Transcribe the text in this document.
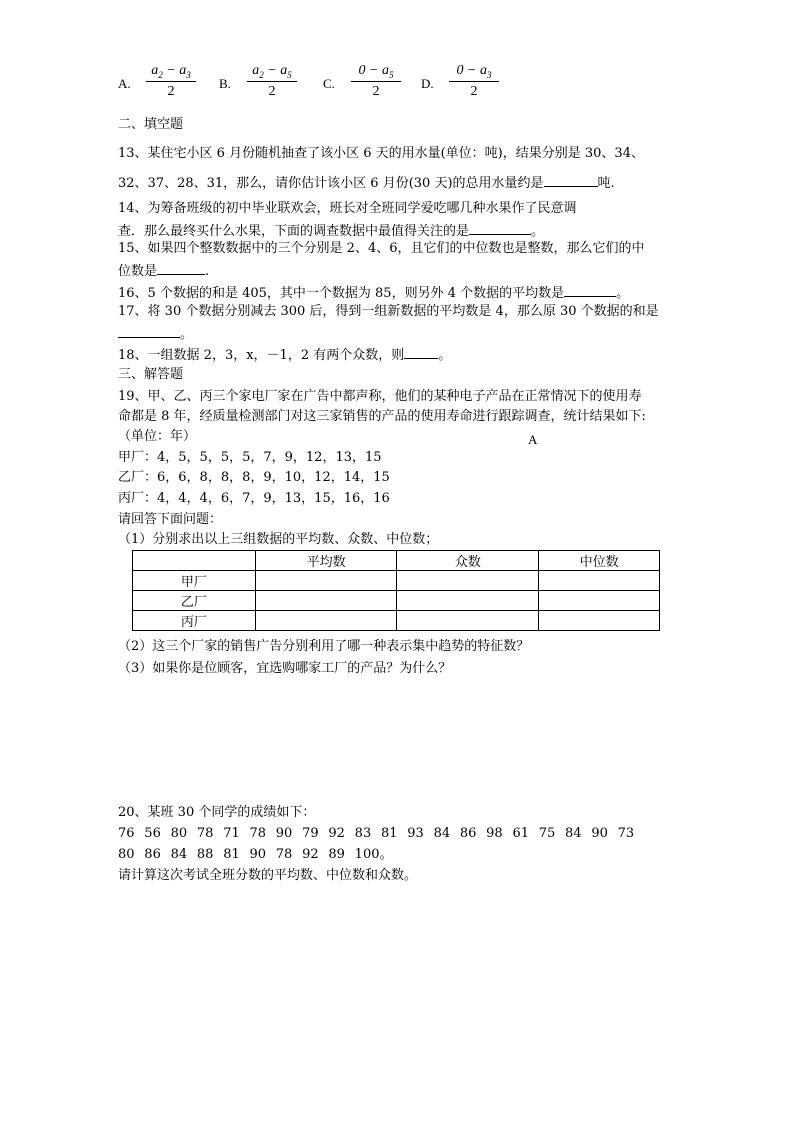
A.
$a_2 - a_3$
2
B.
$a_2 - a_5$
2
C.
$0 - a_5$
2
D.
$0 - a_3$
2
二、填空题
13、某住宅小区 6 月份随机抽查了该小区 6 天的用水量(单位：吨)，结果分别是 30、34、
32、37、28、31，那么，请你估计该小区 6 月份(30 天)的总用水量约是	吨.
14、为筹备班级的初中毕业联欢会，班长对全班同学爱吃哪几种水果作了民意调
查．那么最终买什么水果，下面的调查数据中最值得关注的是	。
15、如果四个整数数据中的三个分别是 2、4、6，且它们的中位数也是整数，那么它们的中
位数是	.
16、5 个数据的和是 405，其中一个数据为 85，则另外 4 个数据的平均数是	。
17、将 30 个数据分别减去 300 后，得到一组新数据的平均数是 4，那么原 30 个数据的和是
。
18、一组数据 2，3，x，－1，2 有两个众数，则	。
三、解答题
19、甲、乙、丙三个家电厂家在广告中都声称，他们的某种电子产品在正常情况下的使用寿
命都是 8 年，经质量检测部门对这三家销售的产品的使用寿命进行跟踪调查，统计结果如下:
（单位：年）	A
甲厂：4，5，5，5，5，7，9，12，13，15
乙厂：6，6，8，8，8，9，10，12，14，15
丙厂：4，4，4，6，7，9，13，15，16，16
请回答下面问题：
（1）分别求出以上三组数据的平均数、众数、中位数；
	平均数	众数	中位数
甲厂			
乙厂			
丙厂			
（2）这三个厂家的销售广告分别利用了哪一种表示集中趋势的特征数？
（3）如果你是位顾客，宜选购哪家工厂的产品？为什么？
20、某班 30 个同学的成绩如下：
76 56 80 78 71 78 90 79 92 83 81 93 84 86 98 61 75 84 90 73
80 86 84 88 81 90 78 92 89 100。
请计算这次考试全班分数的平均数、中位数和众数。
